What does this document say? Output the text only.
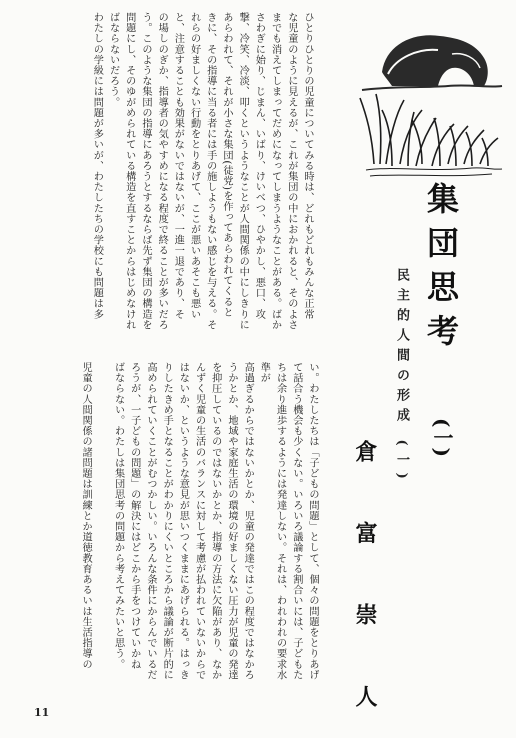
集団思考
(一)
民主的人間の形成 (一)
倉 富 崇 人
ひとりひとりの児童についてみる時は、どれもどれもみんな正常
な児童のように見えるが、これが集団の中におかれると、そのよさ
までも消えてしまってだめになってしまうようなことがある。ばか
さわぎに始り、じまん、いばり、けいべつ、ひやかし、悪口、攻
撃、冷笑、冷淡、叩くというようなことが人間関係の中にしきりに
あらわれて、それが小さな集団(徒党)を作ってあらわれてくると
きに、その指導に当る者には手の施しようもない感じを与える。そ
れらの好ましくない行動をとりあげて、ここが悪いあそこも悪い
と、注意することも効果がないではないが、一進一退であり、そ
の場しのぎか、指導者の気やすめになる程度で終ることが多いだろ
う。このような集団の指導にあろうとするならば先ず集団の構造を
問題にし、そのゆがめられている構造を直すことからはじめなけれ
ばならないだろう。
わたしの学級には問題が多いが、わたしたちの学校にも問題は多
い。わたしたちは「子どもの問題」として、個々の問題をとりあげ
て話合う機会も少くない。いろいろ議論する割合いには、子どもた
ちは余り進歩するようには発達しない。それは、われわれの要求水準が
高過ぎるからではないかとか、児童の発達ではこの程度ではなかろ
うかとか、地域や家庭生活の環境の好ましくない圧力が児童の発達
を抑圧しているのではないかとか、指導の方法に欠陥があり、なか
んずく児童の生活のバランスに対して考慮が払われていないからで
はないか、というような意見が思いつくままにあげられる。はっき
りしたきめ手となることがわかりにくいところから議論が断片的に
高められていくことがむつかしい。いろんな条件にからんでいるだ
ろうが、一子どもの問題」の解決にはどこから手をつけていかね
ばならない。わたしは集団思考の問題から考えてみたいと思う。

児童の人間関係の諸問題は訓練とか道徳教育あるいは生活指導の
11
